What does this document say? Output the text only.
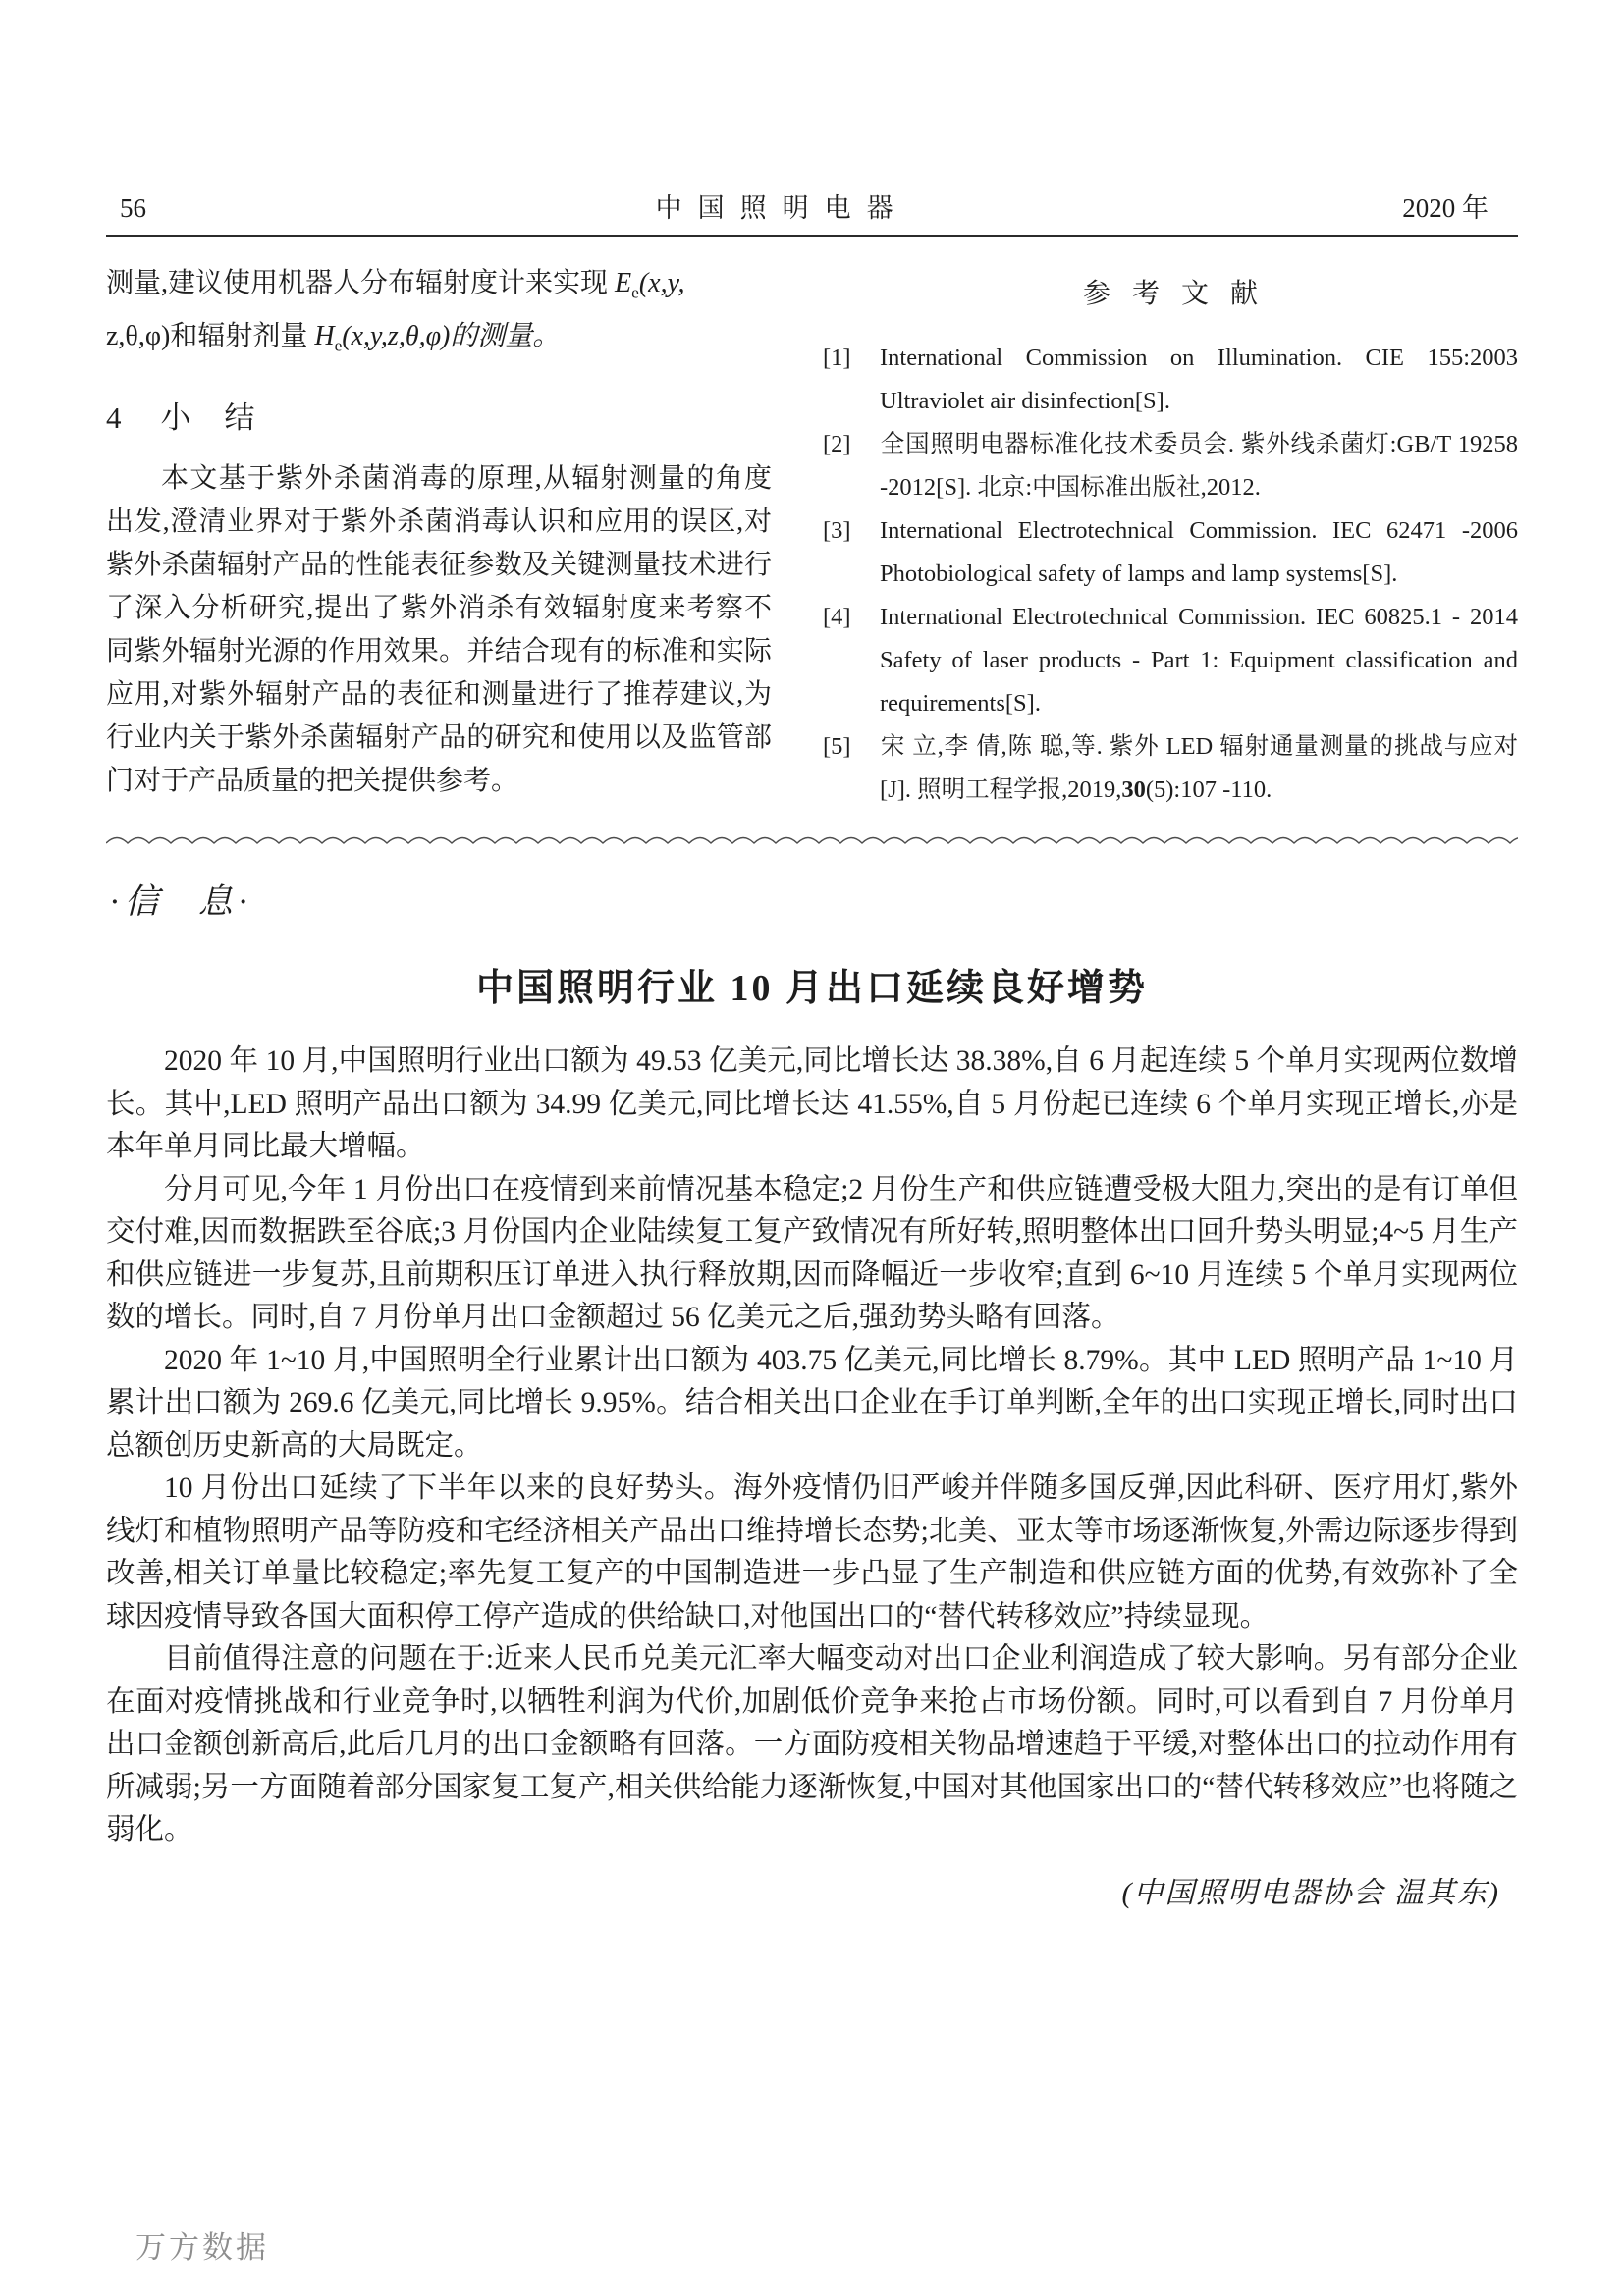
56	中国照明电器	2020 年
测量,建议使用机器人分布辐射度计来实现 $E_e(x,y$,
z,θ,φ)和辐射剂量 $H_e(x,y,z,\theta,\varphi)$的测量。
4 小结

本文基于紫外杀菌消毒的原理,从辐射测量的角度出发,澄清业界对于紫外杀菌消毒认识和应用的误区,对紫外杀菌辐射产品的性能表征参数及关键测量技术进行了深入分析研究,提出了紫外消杀有效辐射度来考察不同紫外辐射光源的作用效果。并结合现有的标准和实际应用,对紫外辐射产品的表征和测量进行了推荐建议,为行业内关于紫外杀菌辐射产品的研究和使用以及监管部门对于产品质量的把关提供参考。

参考文献
[1] International Commission on Illumination. CIE 155:2003 Ultraviolet air disinfection[S].
[2] 全国照明电器标准化技术委员会. 紫外线杀菌灯:GB/T 19258 -2012[S]. 北京:中国标准出版社,2012.
[3] International Electrotechnical Commission. IEC 62471 -2006 Photobiological safety of lamps and lamp systems[S].
[4] International Electrotechnical Commission. IEC 60825.1 - 2014 Safety of laser products - Part 1: Equipment classification and requirements[S].
[5] 宋 立,李 倩,陈 聪,等. 紫外 LED 辐射通量测量的挑战与应对[J]. 照明工程学报,2019,30(5):107 -110.
·信息·
中国照明行业 10 月出口延续良好增势

2020 年 10 月,中国照明行业出口额为 49.53 亿美元,同比增长达 38.38%,自 6 月起连续 5 个单月实现两位数增长。其中,LED 照明产品出口额为 34.99 亿美元,同比增长达 41.55%,自 5 月份起已连续 6 个单月实现正增长,亦是本年单月同比最大增幅。

分月可见,今年 1 月份出口在疫情到来前情况基本稳定;2 月份生产和供应链遭受极大阻力,突出的是有订单但交付难,因而数据跌至谷底;3 月份国内企业陆续复工复产致情况有所好转,照明整体出口回升势头明显;4~5 月生产和供应链进一步复苏,且前期积压订单进入执行释放期,因而降幅近一步收窄;直到 6~10 月连续 5 个单月实现两位数的增长。同时,自 7 月份单月出口金额超过 56 亿美元之后,强劲势头略有回落。

2020 年 1~10 月,中国照明全行业累计出口额为 403.75 亿美元,同比增长 8.79%。其中 LED 照明产品 1~10 月累计出口额为 269.6 亿美元,同比增长 9.95%。结合相关出口企业在手订单判断,全年的出口实现正增长,同时出口总额创历史新高的大局既定。

10 月份出口延续了下半年以来的良好势头。海外疫情仍旧严峻并伴随多国反弹,因此科研、医疗用灯,紫外线灯和植物照明产品等防疫和宅经济相关产品出口维持增长态势;北美、亚太等市场逐渐恢复,外需边际逐步得到改善,相关订单量比较稳定;率先复工复产的中国制造进一步凸显了生产制造和供应链方面的优势,有效弥补了全球因疫情导致各国大面积停工停产造成的供给缺口,对他国出口的“替代转移效应”持续显现。

目前值得注意的问题在于:近来人民币兑美元汇率大幅变动对出口企业利润造成了较大影响。另有部分企业在面对疫情挑战和行业竞争时,以牺牲利润为代价,加剧低价竞争来抢占市场份额。同时,可以看到自 7 月份单月出口金额创新高后,此后几月的出口金额略有回落。一方面防疫相关物品增速趋于平缓,对整体出口的拉动作用有所减弱;另一方面随着部分国家复工复产,相关供给能力逐渐恢复,中国对其他国家出口的“替代转移效应”也将随之弱化。

(中国照明电器协会 温其东)
万方数据
